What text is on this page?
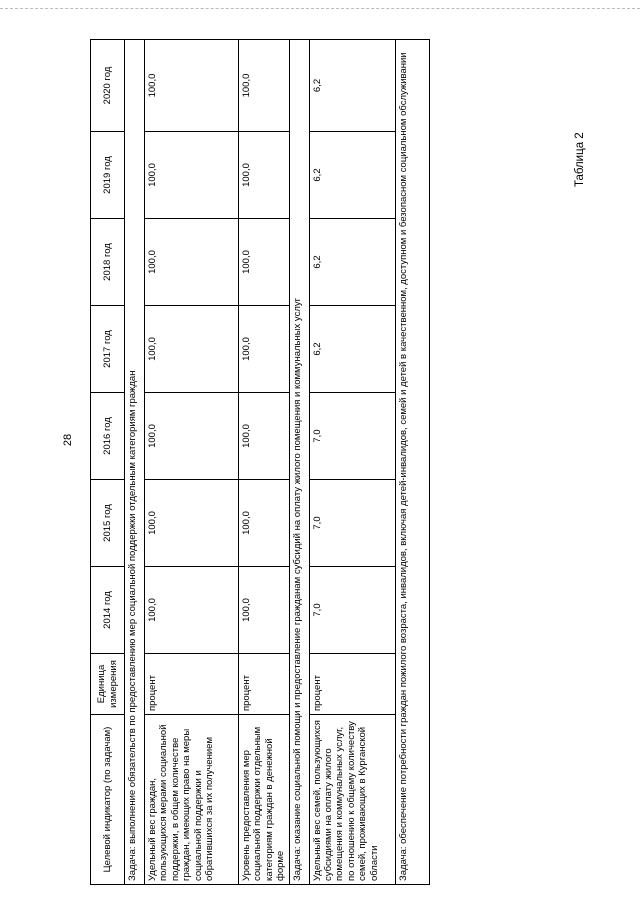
28
Таблица 2
Целевой индикатор (по задачам)	Единица измерения	2014 год	2015 год	2016 год	2017 год	2018 год	2019 год	2020 год
Задача: выполнение обязательств по предоставлению мер социальной поддержки отдельным категориям граждан								
Удельный вес граждан, пользующихся мерами социальной поддержки, в общем количестве граждан, имеющих право на меры социальной поддержки и обратившихся за их получением	процент	100,0	100,0	100,0	100,0	100,0	100,0	100,0
Уровень предоставления мер социальной поддержки отдельным категориям граждан в денежной форме	процент	100,0	100,0	100,0	100,0	100,0	100,0	100,0
Задача: оказание социальной помощи и предоставление гражданам субсидий на оплату жилого помещения и коммунальных услуг								
Удельный вес семей, пользующихся субсидиями на оплату жилого помещения и коммунальных услуг, по отношению к общему количеству семей, проживающих в Курганской области	процент	7,0	7,0	7,0	6,2	6,2	6,2	6,2
Задача: обеспечение потребности граждан пожилого возраста, инвалидов, включая детей-инвалидов, семей и детей в качественном, доступном и безопасном социальном обслуживании								
